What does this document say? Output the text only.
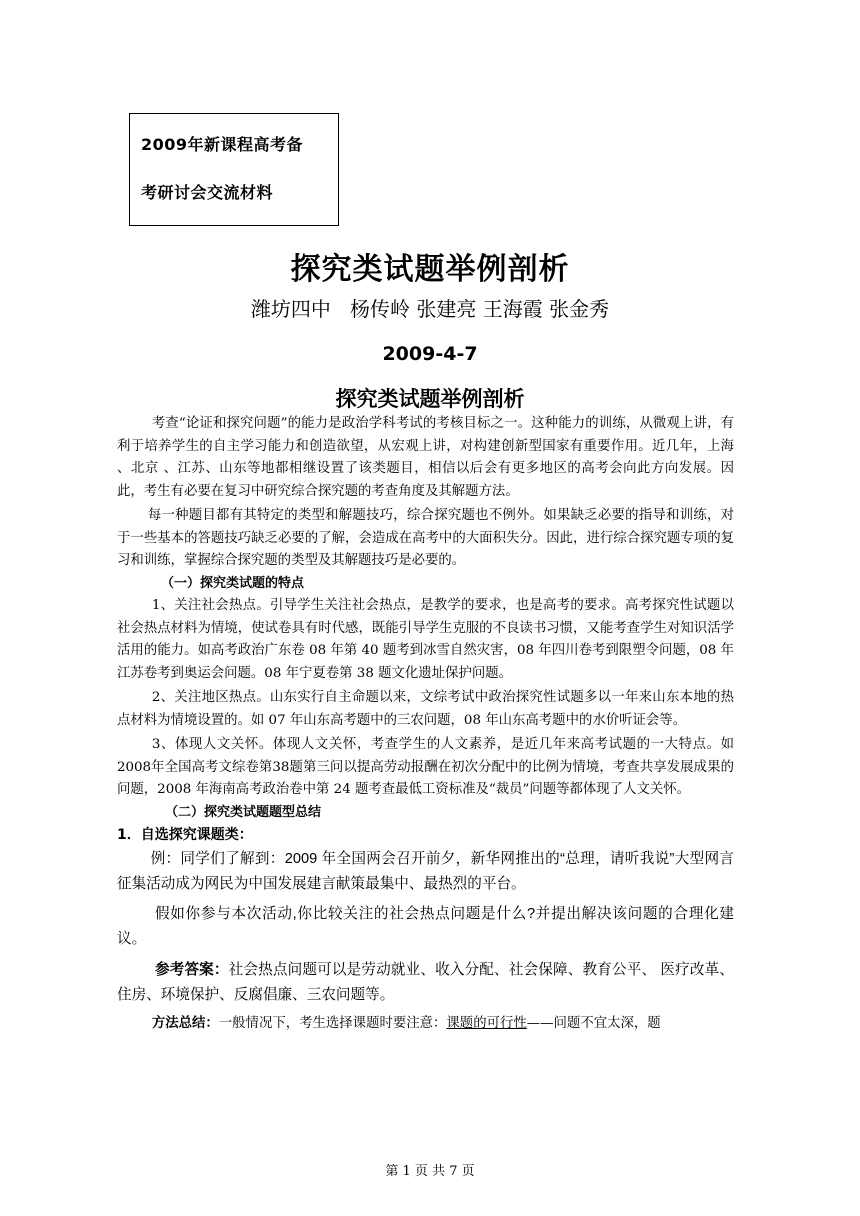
2009年新课程高考备
考研讨会交流材料
探究类试题举例剖析
潍坊四中   杨传岭 张建亮 王海霞 张金秀
2009-4-7
探究类试题举例剖析

考查“论证和探究问题”的能力是政治学科考试的考核目标之一。这种能力的训练，从微观上讲，有利于培养学生的自主学习能力和创造欲望，从宏观上讲，对构建创新型国家有重要作用。近几年，上海 、北京 、江苏、山东等地都相继设置了该类题目，相信以后会有更多地区的高考会向此方向发展。因此，考生有必要在复习中研究综合探究题的考查角度及其解题方法。

每一种题目都有其特定的类型和解题技巧，综合探究题也不例外。如果缺乏必要的指导和训练，对于一些基本的答题技巧缺乏必要的了解，会造成在高考中的大面积失分。因此，进行综合探究题专项的复习和训练，掌握综合探究题的类型及其解题技巧是必要的。

（一）探究类试题的特点

1、关注社会热点。引导学生关注社会热点，是教学的要求，也是高考的要求。高考探究性试题以社会热点材料为情境，使试卷具有时代感，既能引导学生克服的不良读书习惯，又能考查学生对知识活学活用的能力。如高考政治广东卷 08 年第 40 题考到冰雪自然灾害，08 年四川卷考到限塑令问题，08 年江苏卷考到奥运会问题。08 年宁夏卷第 38 题文化遗址保护问题。

2、关注地区热点。山东实行自主命题以来，文综考试中政治探究性试题多以一年来山东本地的热点材料为情境设置的。如 07 年山东高考题中的三农问题，08 年山东高考题中的水价听证会等。

3、体现人文关怀。体现人文关怀，考查学生的人文素养，是近几年来高考试题的一大特点。如2008年全国高考文综卷第38题第三问以提高劳动报酬在初次分配中的比例为情境，考查共享发展成果的问题，2008 年海南高考政治卷中第 24 题考查最低工资标准及“裁员”问题等都体现了人文关怀。

（二）探究类试题题型总结
1．自选探究课题类：

例：同学们了解到：2009 年全国两会召开前夕，新华网推出的“总理，请听我说”大型网言征集活动成为网民为中国发展建言献策最集中、最热烈的平台。

假如你参与本次活动,你比较关注的社会热点问题是什么?并提出解决该问题的合理化建议。

参考答案：社会热点问题可以是劳动就业、收入分配、社会保障、教育公平、 医疗改革、住房、环境保护、反腐倡廉、三农问题等。

方法总结：一般情况下，考生选择课题时要注意：课题的可行性——问题不宜太深，题

第 1 页 共 7 页
